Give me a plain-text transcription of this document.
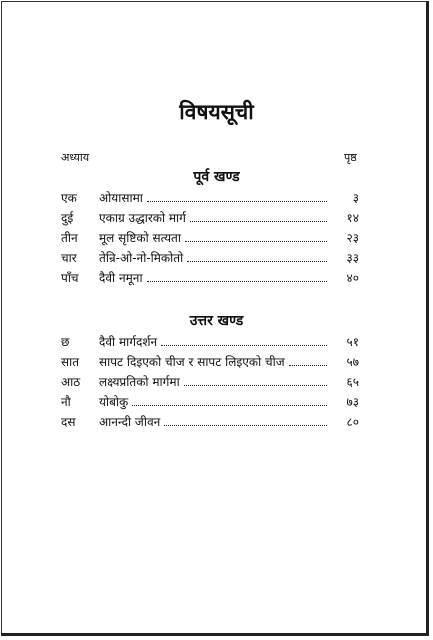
विषयसूची
अध्याय	पृष्ठ
पूर्व खण्ड
एक	ओयासामा	३
दुई	एकाग्र उद्धारको मार्ग	१४
तीन	मूल सृष्टिको सत्यता	२३
चार	तेन्रि-ओ-नो-मिकोतो	३३
पाँच	दैवी नमूना	४०
उत्तर खण्ड
छ	दैवी मार्गदर्शन	५१
सात	सापट दिइएको चीज र सापट लिइएको चीज	५७
आठ	लक्ष्यप्रतिको मार्गमा	६५
नौ	योबोकु	७३
दस	आनन्दी जीवन	८०
